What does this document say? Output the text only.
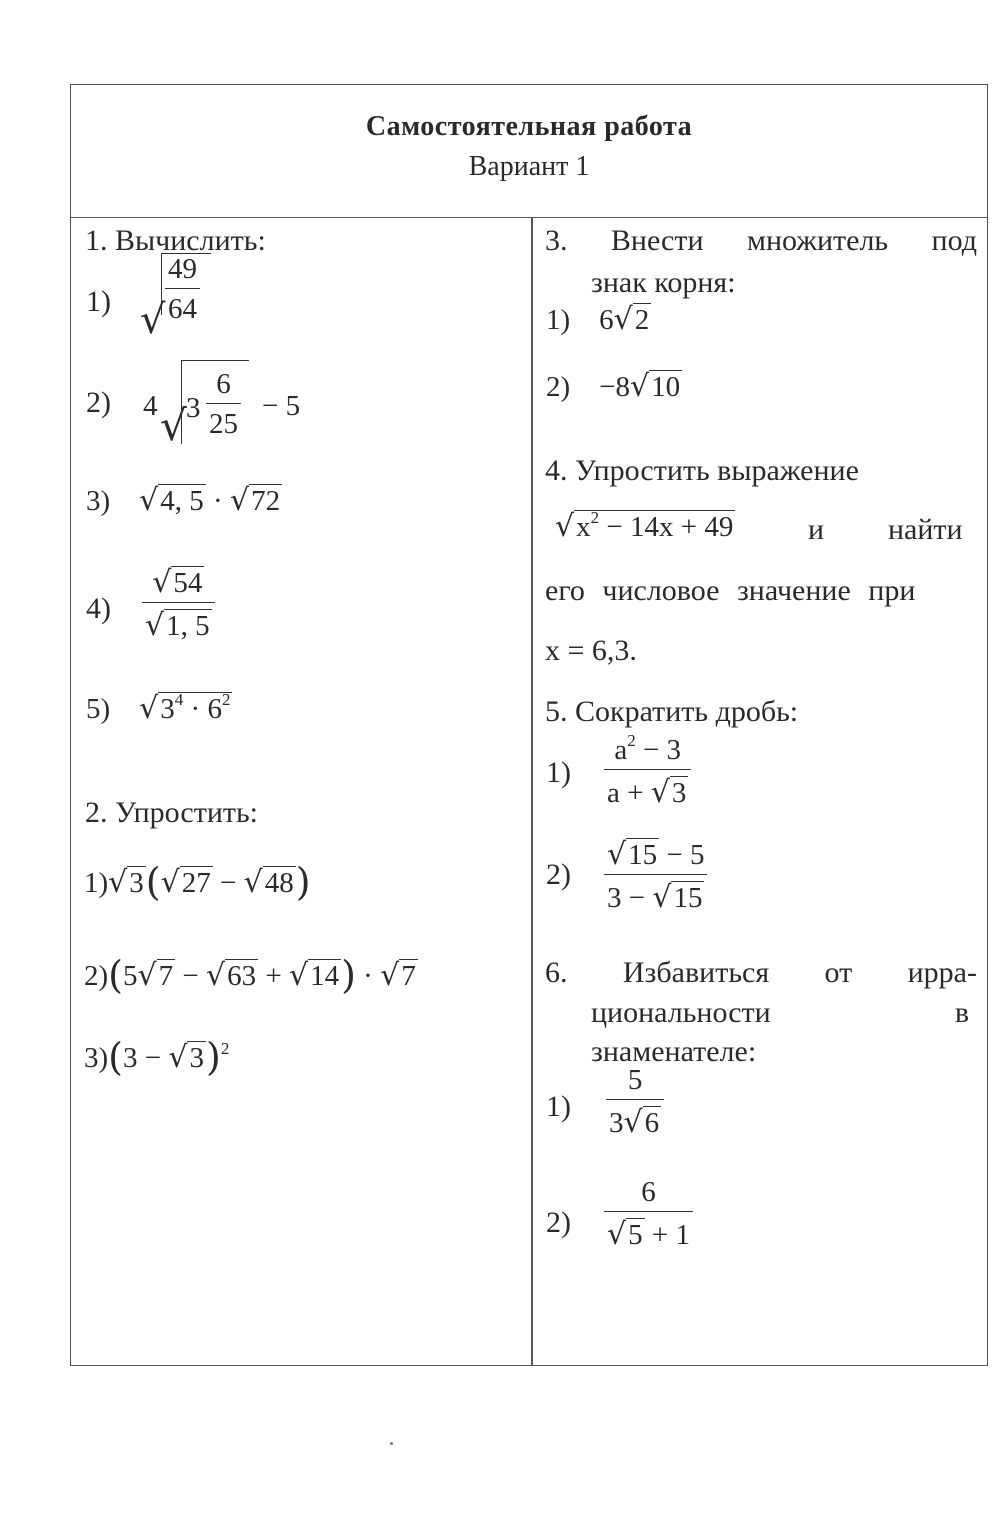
Самостоятельная работа
Вариант 1
1. Вычислить:
1) √
49
64
2) 4 √ 3
6
25
− 5
3) √4, 5 · √72
4)
√54
√1, 5
5) $√3^4 \cdot 6^2$
2. Упростить:
1)√3(√27 − √48)
2)(5√7 − √63 + √14) · √7
$3)(3 - √3)^2$
3. Внести множитель под
знак корня:
1) 6√2
2) −8√10
4. Упростить выражение
$√x^2 - 14x + 49$ и найти
его числовое значение при
x = 6,3.
5. Сократить дробь:
1)
$a^2 - 3$
a + √3
2)
√15 − 5
3 − √15
6. Избавиться от ирра-
циональности	в
знаменателе:
1)
5
3√6
2)
6
√5 + 1
